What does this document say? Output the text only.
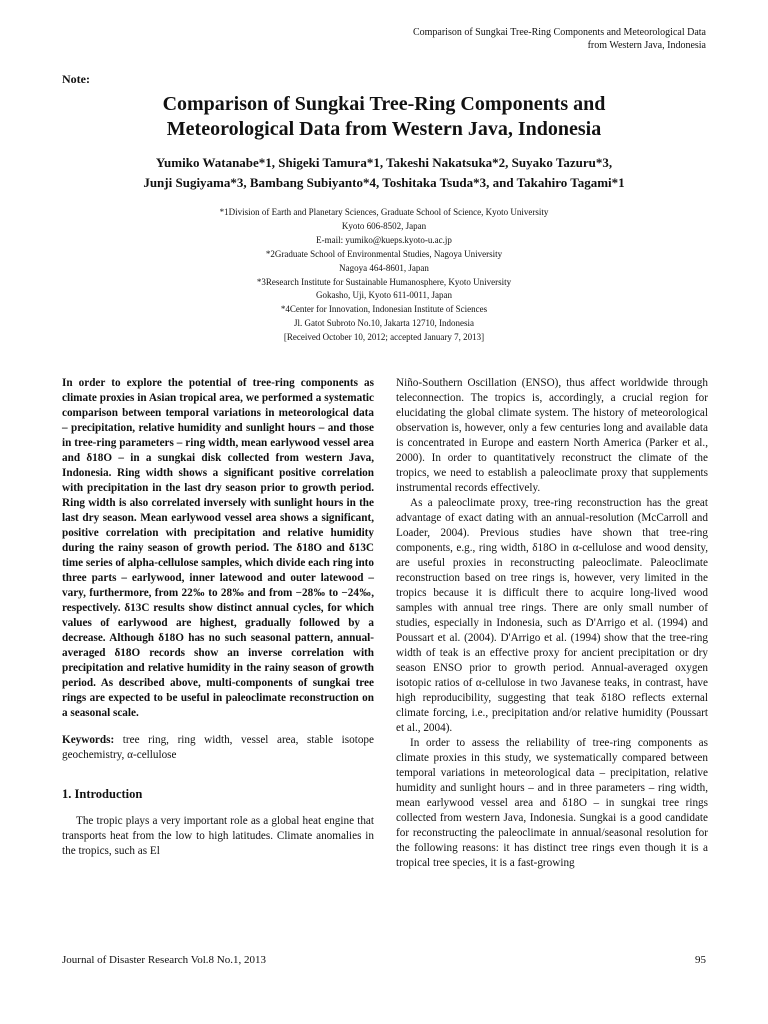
Comparison of Sungkai Tree-Ring Components and Meteorological Data
from Western Java, Indonesia
Note:
Comparison of Sungkai Tree-Ring Components and
Meteorological Data from Western Java, Indonesia
Yumiko Watanabe*1, Shigeki Tamura*1, Takeshi Nakatsuka*2, Suyako Tazuru*3,
Junji Sugiyama*3, Bambang Subiyanto*4, Toshitaka Tsuda*3, and Takahiro Tagami*1
*1Division of Earth and Planetary Sciences, Graduate School of Science, Kyoto University
Kyoto 606-8502, Japan
E-mail: yumiko@kueps.kyoto-u.ac.jp
*2Graduate School of Environmental Studies, Nagoya University
Nagoya 464-8601, Japan
*3Research Institute for Sustainable Humanosphere, Kyoto University
Gokasho, Uji, Kyoto 611-0011, Japan
*4Center for Innovation, Indonesian Institute of Sciences
Jl. Gatot Subroto No.10, Jakarta 12710, Indonesia
[Received October 10, 2012; accepted January 7, 2013]

In order to explore the potential of tree-ring components as climate proxies in Asian tropical area, we performed a systematic comparison between temporal variations in meteorological data – precipitation, relative humidity and sunlight hours – and those in tree-ring parameters – ring width, mean earlywood vessel area and δ18O – in a sungkai disk collected from western Java, Indonesia. Ring width shows a significant positive correlation with precipitation in the last dry season prior to growth period. Ring width is also correlated inversely with sunlight hours in the last dry season. Mean earlywood vessel area shows a significant, positive correlation with precipitation and relative humidity during the rainy season of growth period. The δ18O and δ13C time series of alpha-cellulose samples, which divide each ring into three parts – earlywood, inner latewood and outer latewood – vary, furthermore, from 22‰ to 28‰ and from −28‰ to −24‰, respectively. δ13C results show distinct annual cycles, for which values of earlywood are highest, gradually followed by a decrease. Although δ18O has no such seasonal pattern, annual-averaged δ18O records show an inverse correlation with precipitation and relative humidity in the rainy season of growth period. As described above, multi-components of sungkai tree rings are expected to be useful in paleoclimate reconstruction on a seasonal scale.

Keywords: tree ring, ring width, vessel area, stable isotope geochemistry, α-cellulose

1. Introduction

The tropic plays a very important role as a global heat engine that transports heat from the low to high latitudes. Climate anomalies in the tropics, such as El

Niño-Southern Oscillation (ENSO), thus affect worldwide through teleconnection. The tropics is, accordingly, a crucial region for elucidating the global climate system. The history of meteorological observation is, however, only a few centuries long and available data is concentrated in Europe and eastern North America (Parker et al., 2000). In order to quantitatively reconstruct the climate of the tropics, we need to establish a paleoclimate proxy that supplements instrumental records effectively.

As a paleoclimate proxy, tree-ring reconstruction has the great advantage of exact dating with an annual-resolution (McCarroll and Loader, 2004). Previous studies have shown that tree-ring components, e.g., ring width, δ18O in α-cellulose and wood density, are useful proxies in reconstructing paleoclimate. Paleoclimate reconstruction based on tree rings is, however, very limited in the tropics because it is difficult there to acquire long-lived wood samples with annual tree rings. There are only small number of studies, especially in Indonesia, such as D'Arrigo et al. (1994) and Poussart et al. (2004). D'Arrigo et al. (1994) show that the tree-ring width of teak is an effective proxy for ancient precipitation or dry season ENSO prior to growth period. Annual-averaged oxygen isotopic ratios of α-cellulose in two Javanese teaks, in contrast, have high reproducibility, suggesting that teak δ18O reflects external climate forcing, i.e., precipitation and/or relative humidity (Poussart et al., 2004).

In order to assess the reliability of tree-ring components as climate proxies in this study, we systematically compared between temporal variations in meteorological data – precipitation, relative humidity and sunlight hours – and in three parameters – ring width, mean earlywood vessel area and δ18O – in sungkai tree rings collected from western Java, Indonesia. Sungkai is a good candidate for reconstructing the paleoclimate in annual/seasonal resolution for the following reasons: it has distinct tree rings even though it is a tropical tree species, it is a fast-growing

Journal of Disaster Research Vol.8 No.1, 2013	95
